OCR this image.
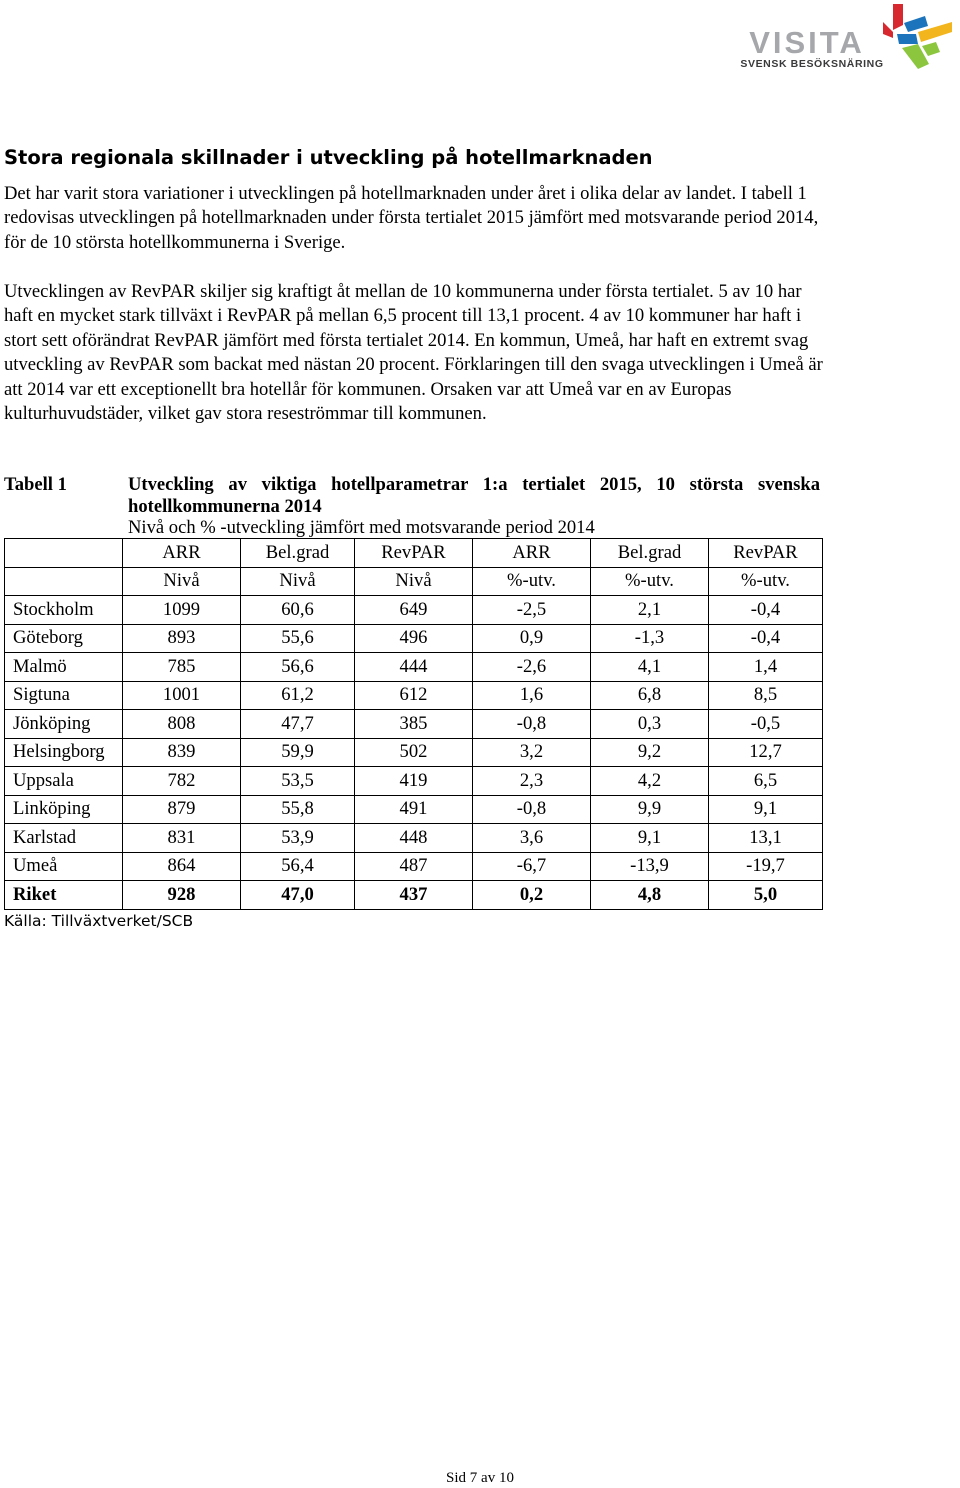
VISITA
SVENSK BESÖKSNÄRING
Stora regionala skillnader i utveckling på hotellmarknaden

Det har varit stora variationer i utvecklingen på hotellmarknaden under året i olika delar av landet. I tabell 1 redovisas utvecklingen på hotellmarknaden under första tertialet 2015 jämfört med motsvarande period 2014, för de 10 största hotellkommunerna i Sverige.

Utvecklingen av RevPAR skiljer sig kraftigt åt mellan de 10 kommunerna under första tertialet. 5 av 10 har haft en mycket stark tillväxt i RevPAR på mellan 6,5 procent till 13,1 procent. 4 av 10 kommuner har haft i stort sett oförändrat RevPAR jämfört med första tertialet 2014. En kommun, Umeå, har haft en extremt svag utveckling av RevPAR som backat med nästan 20 procent. Förklaringen till den svaga utvecklingen i Umeå är att 2014 var ett exceptionellt bra hotellår för kommunen. Orsaken var att Umeå var en av Europas kulturhuvudstäder, vilket gav stora reseströmmar till kommunen.

Tabell 1	Utveckling av viktiga hotellparametrar 1:a tertialet 2015, 10 största svenska hotellkommunerna 2014
Nivå och % -utveckling jämfört med motsvarande period 2014
	ARR	Bel.grad	RevPAR	ARR	Bel.grad	RevPAR
	Nivå	Nivå	Nivå	%-utv.	%-utv.	%-utv.
Stockholm	1099	60,6	649	-2,5	2,1	-0,4
Göteborg	893	55,6	496	0,9	-1,3	-0,4
Malmö	785	56,6	444	-2,6	4,1	1,4
Sigtuna	1001	61,2	612	1,6	6,8	8,5
Jönköping	808	47,7	385	-0,8	0,3	-0,5
Helsingborg	839	59,9	502	3,2	9,2	12,7
Uppsala	782	53,5	419	2,3	4,2	6,5
Linköping	879	55,8	491	-0,8	9,9	9,1
Karlstad	831	53,9	448	3,6	9,1	13,1
Umeå	864	56,4	487	-6,7	-13,9	-19,7
Riket	928	47,0	437	0,2	4,8	5,0
Källa: Tillväxtverket/SCB
Sid 7 av 10
